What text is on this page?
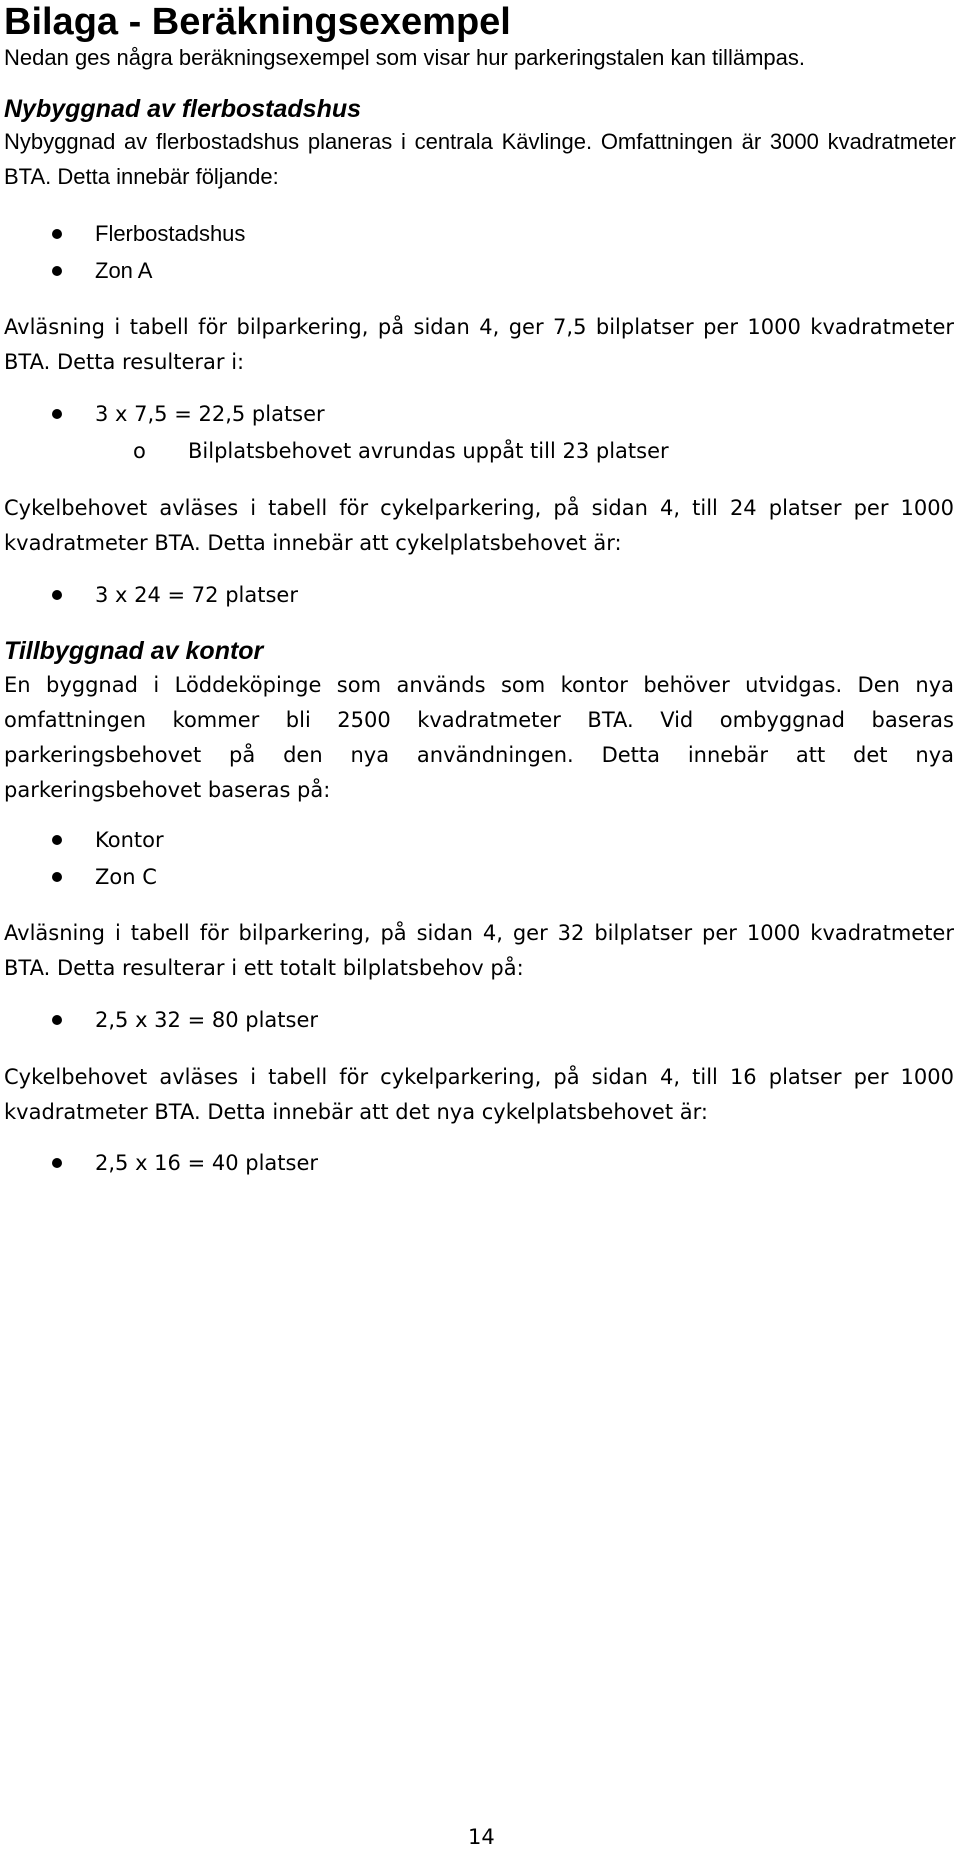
Bilaga - Beräkningsexempel
Nedan ges några beräkningsexempel som visar hur parkeringstalen kan tillämpas.
Nybyggnad av flerbostadshus
Nybyggnad av flerbostadshus planeras i centrala Kävlinge. Omfattningen är 3000 kvadratmeter BTA. Detta innebär följande:
Flerbostadshus
Zon A
Avläsning i tabell för bilparkering, på sidan 4, ger 7,5 bilplatser per 1000 kvadratmeter BTA. Detta resulterar i:
3 x 7,5 = 22,5 platser
o Bilplatsbehovet avrundas uppåt till 23 platser
Cykelbehovet avläses i tabell för cykelparkering, på sidan 4, till 24 platser per 1000 kvadratmeter BTA. Detta innebär att cykelplatsbehovet är:
3 x 24 = 72 platser
Tillbyggnad av kontor
En byggnad i Löddeköpinge som används som kontor behöver utvidgas. Den nya omfattningen kommer bli 2500 kvadratmeter BTA. Vid ombyggnad baseras parkeringsbehovet på den nya användningen. Detta innebär att det nya parkeringsbehovet baseras på:
Kontor
Zon C
Avläsning i tabell för bilparkering, på sidan 4, ger 32 bilplatser per 1000 kvadratmeter BTA. Detta resulterar i ett totalt bilplatsbehov på:
2,5 x 32 = 80 platser
Cykelbehovet avläses i tabell för cykelparkering, på sidan 4, till 16 platser per 1000 kvadratmeter BTA. Detta innebär att det nya cykelplatsbehovet är:
2,5 x 16 = 40 platser
14
